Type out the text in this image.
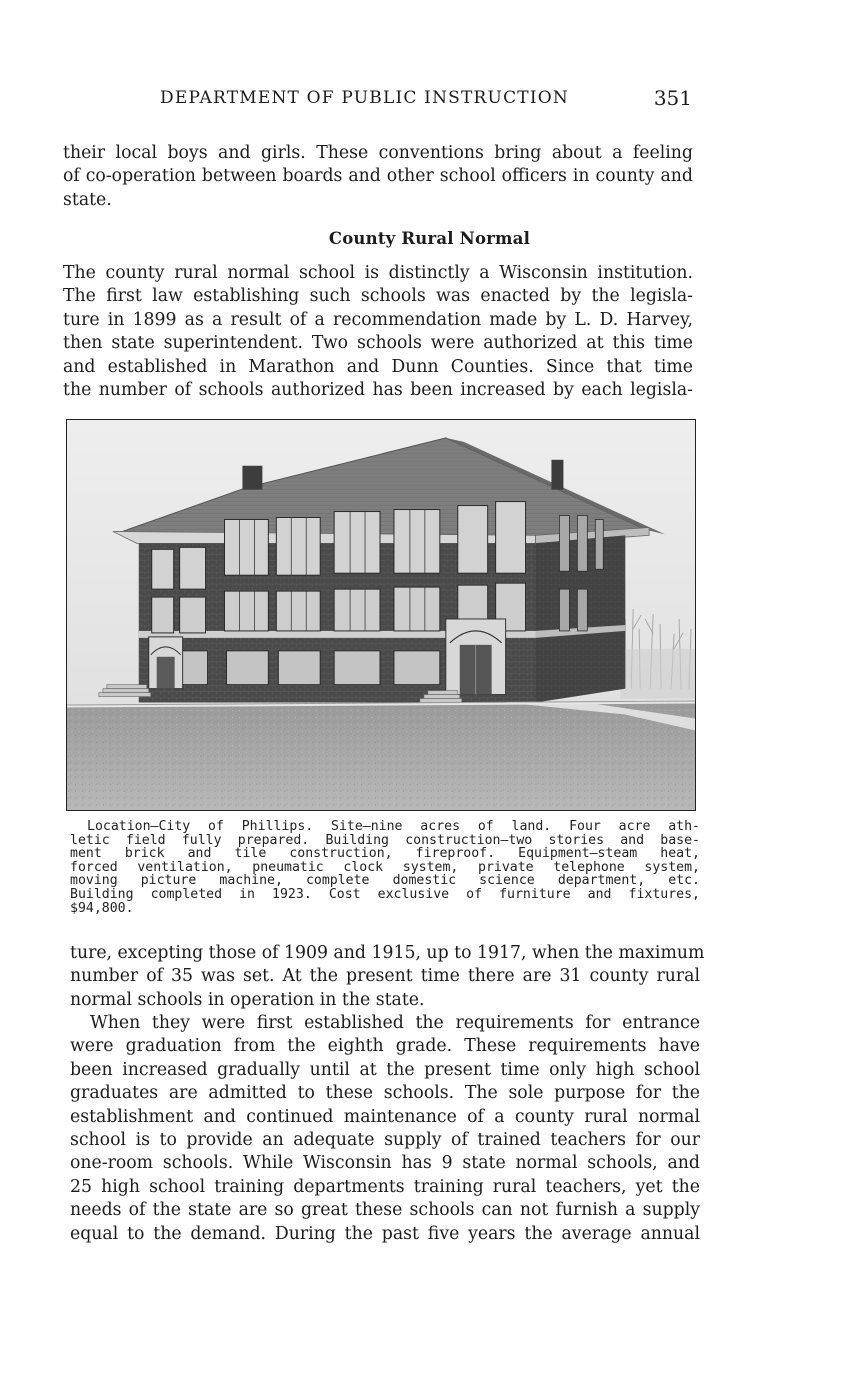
DEPARTMENT OF PUBLIC INSTRUCTION	351
their local boys and girls. These conventions bring about a feeling
of co-operation between boards and other school officers in county and
state.
County Rural Normal
The county rural normal school is distinctly a Wisconsin institution.
The first law establishing such schools was enacted by the legisla-
ture in 1899 as a result of a recommendation made by L. D. Harvey,
then state superintendent. Two schools were authorized at this time
and established in Marathon and Dunn Counties. Since that time
the number of schools authorized has been increased by each legisla-
Location—City of Phillips. Site—nine acres of land. Four acre ath-
letic field fully prepared. Building construction—two stories and base-
ment brick and tile construction, fireproof. Equipment—steam heat,
forced ventilation, pneumatic clock system, private telephone system,
moving picture machine, complete domestic science department, etc.
Building completed in 1923. Cost exclusive of furniture and fixtures,
$94,800.
ture, excepting those of 1909 and 1915, up to 1917, when the maximum
number of 35 was set. At the present time there are 31 county rural
normal schools in operation in the state.
When they were first established the requirements for entrance
were graduation from the eighth grade. These requirements have
been increased gradually until at the present time only high school
graduates are admitted to these schools. The sole purpose for the
establishment and continued maintenance of a county rural normal
school is to provide an adequate supply of trained teachers for our
one-room schools. While Wisconsin has 9 state normal schools, and
25 high school training departments training rural teachers, yet the
needs of the state are so great these schools can not furnish a supply
equal to the demand. During the past five years the average annual
